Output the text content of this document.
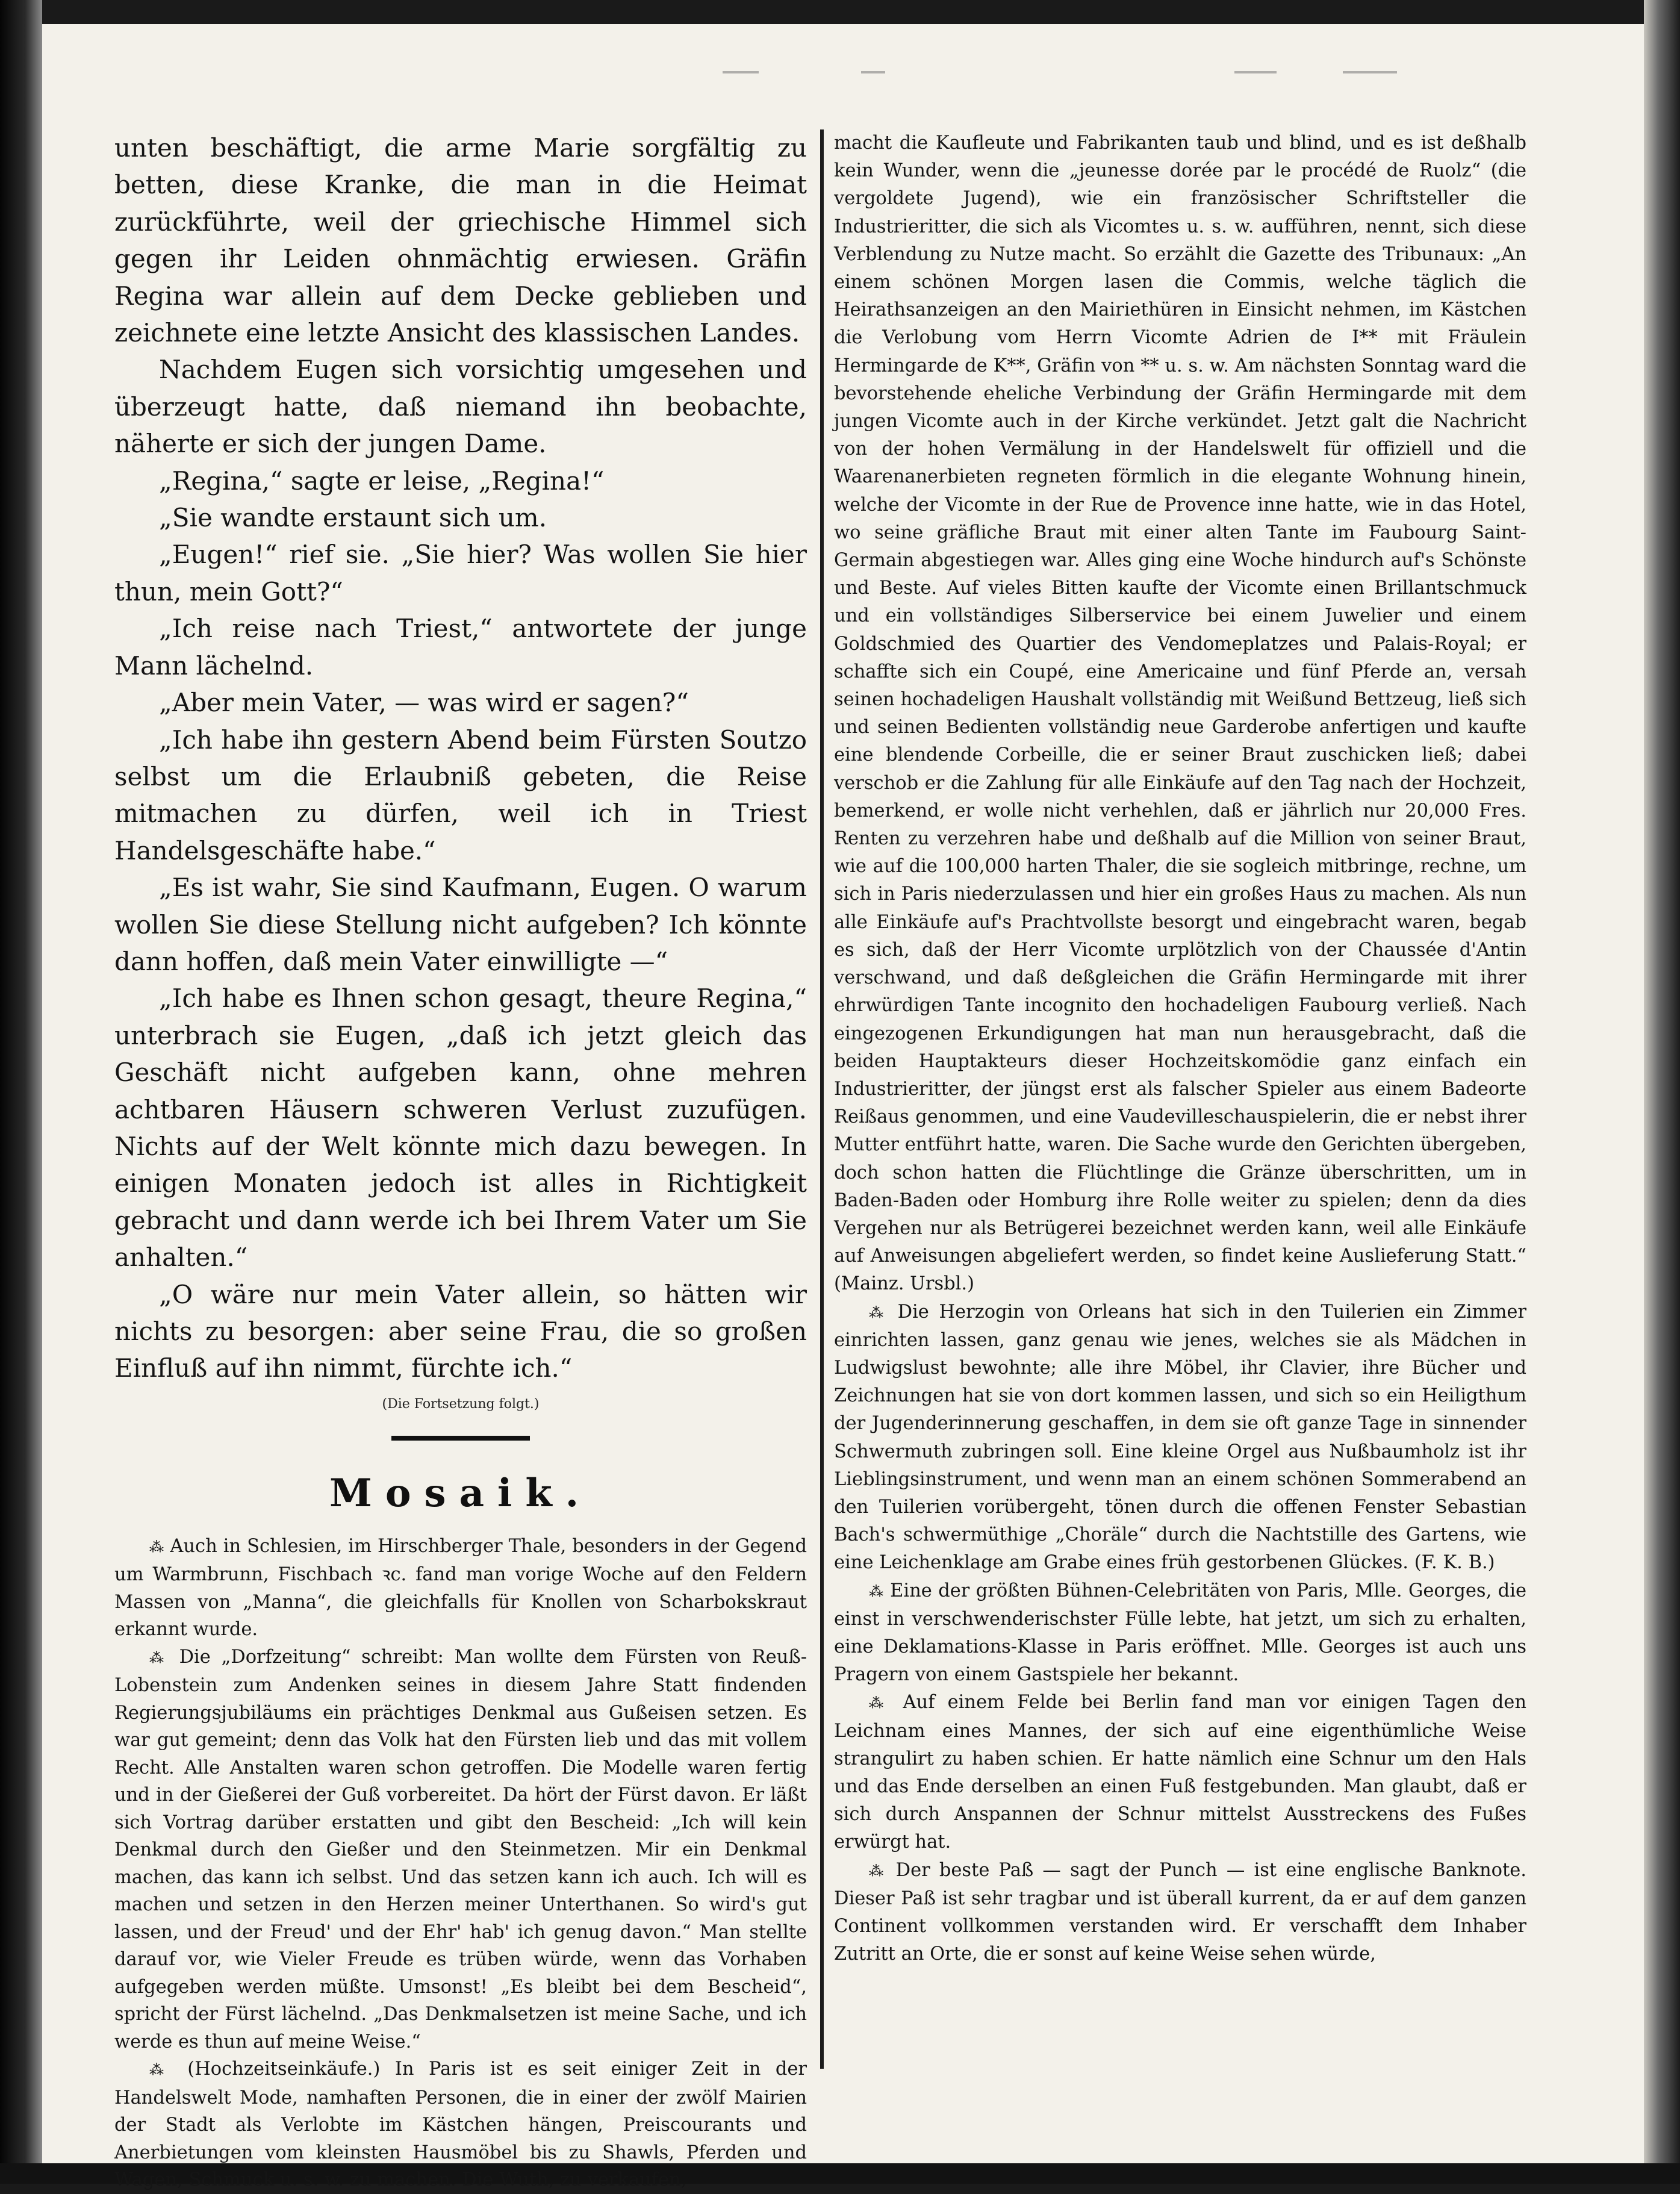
unten beschäftigt, die arme Marie sorgfältig zu betten, diese Kranke, die man in die Heimat zurückführte, weil der griechische Himmel sich gegen ihr Leiden ohnmächtig erwiesen. Gräfin Regina war allein auf dem Decke geblieben und zeichnete eine letzte Ansicht des klassischen Landes.

Nachdem Eugen sich vorsichtig umgesehen und überzeugt hatte, daß niemand ihn beobachte, näherte er sich der jungen Dame.

„Regina,“ sagte er leise, „Regina!“

„Sie wandte erstaunt sich um.

„Eugen!“ rief sie. „Sie hier? Was wollen Sie hier thun, mein Gott?“

„Ich reise nach Triest,“ antwortete der junge Mann lächelnd.

„Aber mein Vater, — was wird er sagen?“

„Ich habe ihn gestern Abend beim Fürsten Soutzo selbst um die Erlaubniß gebeten, die Reise mitmachen zu dürfen, weil ich in Triest Handelsgeschäfte habe.“

„Es ist wahr, Sie sind Kaufmann, Eugen. O warum wollen Sie diese Stellung nicht aufgeben? Ich könnte dann hoffen, daß mein Vater einwilligte —“

„Ich habe es Ihnen schon gesagt, theure Regina,“ unterbrach sie Eugen, „daß ich jetzt gleich das Geschäft nicht aufgeben kann, ohne mehren achtbaren Häusern schweren Verlust zuzufügen. Nichts auf der Welt könnte mich dazu bewegen. In einigen Monaten jedoch ist alles in Richtigkeit gebracht und dann werde ich bei Ihrem Vater um Sie anhalten.“

„O wäre nur mein Vater allein, so hätten wir nichts zu besorgen: aber seine Frau, die so großen Einfluß auf ihn nimmt, fürchte ich.“

(Die Fortsetzung folgt.)
Mosaik.

⁂ Auch in Schlesien, im Hirschberger Thale, besonders in der Gegend um Warmbrunn, Fischbach ꝛc. fand man vorige Woche auf den Feldern Massen von „Manna“, die gleichfalls für Knollen von Scharbokskraut erkannt wurde.

⁂ Die „Dorfzeitung“ schreibt: Man wollte dem Fürsten von Reuß-Lobenstein zum Andenken seines in diesem Jahre Statt findenden Regierungsjubiläums ein prächtiges Denkmal aus Gußeisen setzen. Es war gut gemeint; denn das Volk hat den Fürsten lieb und das mit vollem Recht. Alle Anstalten waren schon getroffen. Die Modelle waren fertig und in der Gießerei der Guß vorbereitet. Da hört der Fürst davon. Er läßt sich Vortrag darüber erstatten und gibt den Bescheid: „Ich will kein Denkmal durch den Gießer und den Steinmetzen. Mir ein Denkmal machen, das kann ich selbst. Und das setzen kann ich auch. Ich will es machen und setzen in den Herzen meiner Unterthanen. So wird's gut lassen, und der Freud' und der Ehr' hab' ich genug davon.“ Man stellte darauf vor, wie Vieler Freude es trüben würde, wenn das Vorhaben aufgegeben werden müßte. Umsonst! „Es bleibt bei dem Bescheid“, spricht der Fürst lächelnd. „Das Denkmalsetzen ist meine Sache, und ich werde es thun auf meine Weise.“

⁂ (Hochzeitseinkäufe.) In Paris ist es seit einiger Zeit in der Handelswelt Mode, namhaften Personen, die in einer der zwölf Mairien der Stadt als Verlobte im Kästchen hängen, Preiscourants und Anerbietungen vom kleinsten Hausmöbel bis zu Shawls, Pferden und Wagen, Schmuck u. s. w. zu machen. Die Wuth, zu verkaufen,

macht die Kaufleute und Fabrikanten taub und blind, und es ist deßhalb kein Wunder, wenn die „jeunesse dorée par le procédé de Ruolz“ (die vergoldete Jugend), wie ein französischer Schriftsteller die Industrieritter, die sich als Vicomtes u. s. w. aufführen, nennt, sich diese Verblendung zu Nutze macht. So erzählt die Gazette des Tribunaux: „An einem schönen Morgen lasen die Commis, welche täglich die Heirathsanzeigen an den Mairiethüren in Einsicht nehmen, im Kästchen die Verlobung vom Herrn Vicomte Adrien de I** mit Fräulein Hermingarde de K**, Gräfin von ** u. s. w. Am nächsten Sonntag ward die bevorstehende eheliche Verbindung der Gräfin Hermingarde mit dem jungen Vicomte auch in der Kirche verkündet. Jetzt galt die Nachricht von der hohen Vermälung in der Handelswelt für offiziell und die Waarenanerbieten regneten förmlich in die elegante Wohnung hinein, welche der Vicomte in der Rue de Provence inne hatte, wie in das Hotel, wo seine gräfliche Braut mit einer alten Tante im Faubourg Saint-Germain abgestiegen war. Alles ging eine Woche hindurch auf's Schönste und Beste. Auf vieles Bitten kaufte der Vicomte einen Brillantschmuck und ein vollständiges Silberservice bei einem Juwelier und einem Goldschmied des Quartier des Vendomeplatzes und Palais-Royal; er schaffte sich ein Coupé, eine Americaine und fünf Pferde an, versah seinen hochadeligen Haushalt vollständig mit Weißund Bettzeug, ließ sich und seinen Bedienten vollständig neue Garderobe anfertigen und kaufte eine blendende Corbeille, die er seiner Braut zuschicken ließ; dabei verschob er die Zahlung für alle Einkäufe auf den Tag nach der Hochzeit, bemerkend, er wolle nicht verhehlen, daß er jährlich nur 20,000 Fres. Renten zu verzehren habe und deßhalb auf die Million von seiner Braut, wie auf die 100,000 harten Thaler, die sie sogleich mitbringe, rechne, um sich in Paris niederzulassen und hier ein großes Haus zu machen. Als nun alle Einkäufe auf's Prachtvollste besorgt und eingebracht waren, begab es sich, daß der Herr Vicomte urplötzlich von der Chaussée d'Antin verschwand, und daß deßgleichen die Gräfin Hermingarde mit ihrer ehrwürdigen Tante incognito den hochadeligen Faubourg verließ. Nach eingezogenen Erkundigungen hat man nun herausgebracht, daß die beiden Hauptakteurs dieser Hochzeitskomödie ganz einfach ein Industrieritter, der jüngst erst als falscher Spieler aus einem Badeorte Reißaus genommen, und eine Vaudevilleschauspielerin, die er nebst ihrer Mutter entführt hatte, waren. Die Sache wurde den Gerichten übergeben, doch schon hatten die Flüchtlinge die Gränze überschritten, um in Baden-Baden oder Homburg ihre Rolle weiter zu spielen; denn da dies Vergehen nur als Betrügerei bezeichnet werden kann, weil alle Einkäufe auf Anweisungen abgeliefert werden, so findet keine Auslieferung Statt.“ (Mainz. Ursbl.)

⁂ Die Herzogin von Orleans hat sich in den Tuilerien ein Zimmer einrichten lassen, ganz genau wie jenes, welches sie als Mädchen in Ludwigslust bewohnte; alle ihre Möbel, ihr Clavier, ihre Bücher und Zeichnungen hat sie von dort kommen lassen, und sich so ein Heiligthum der Jugenderinnerung geschaffen, in dem sie oft ganze Tage in sinnender Schwermuth zubringen soll. Eine kleine Orgel aus Nußbaumholz ist ihr Lieblingsinstrument, und wenn man an einem schönen Sommerabend an den Tuilerien vorübergeht, tönen durch die offenen Fenster Sebastian Bach's schwermüthige „Choräle“ durch die Nachtstille des Gartens, wie eine Leichenklage am Grabe eines früh gestorbenen Glückes. (F. K. B.)

⁂ Eine der größten Bühnen-Celebritäten von Paris, Mlle. Georges, die einst in verschwenderischster Fülle lebte, hat jetzt, um sich zu erhalten, eine Deklamations-Klasse in Paris eröffnet. Mlle. Georges ist auch uns Pragern von einem Gastspiele her bekannt.

⁂ Auf einem Felde bei Berlin fand man vor einigen Tagen den Leichnam eines Mannes, der sich auf eine eigenthümliche Weise strangulirt zu haben schien. Er hatte nämlich eine Schnur um den Hals und das Ende derselben an einen Fuß festgebunden. Man glaubt, daß er sich durch Anspannen der Schnur mittelst Ausstreckens des Fußes erwürgt hat.

⁂ Der beste Paß — sagt der Punch — ist eine englische Banknote. Dieser Paß ist sehr tragbar und ist überall kurrent, da er auf dem ganzen Continent vollkommen verstanden wird. Er verschafft dem Inhaber Zutritt an Orte, die er sonst auf keine Weise sehen würde,
